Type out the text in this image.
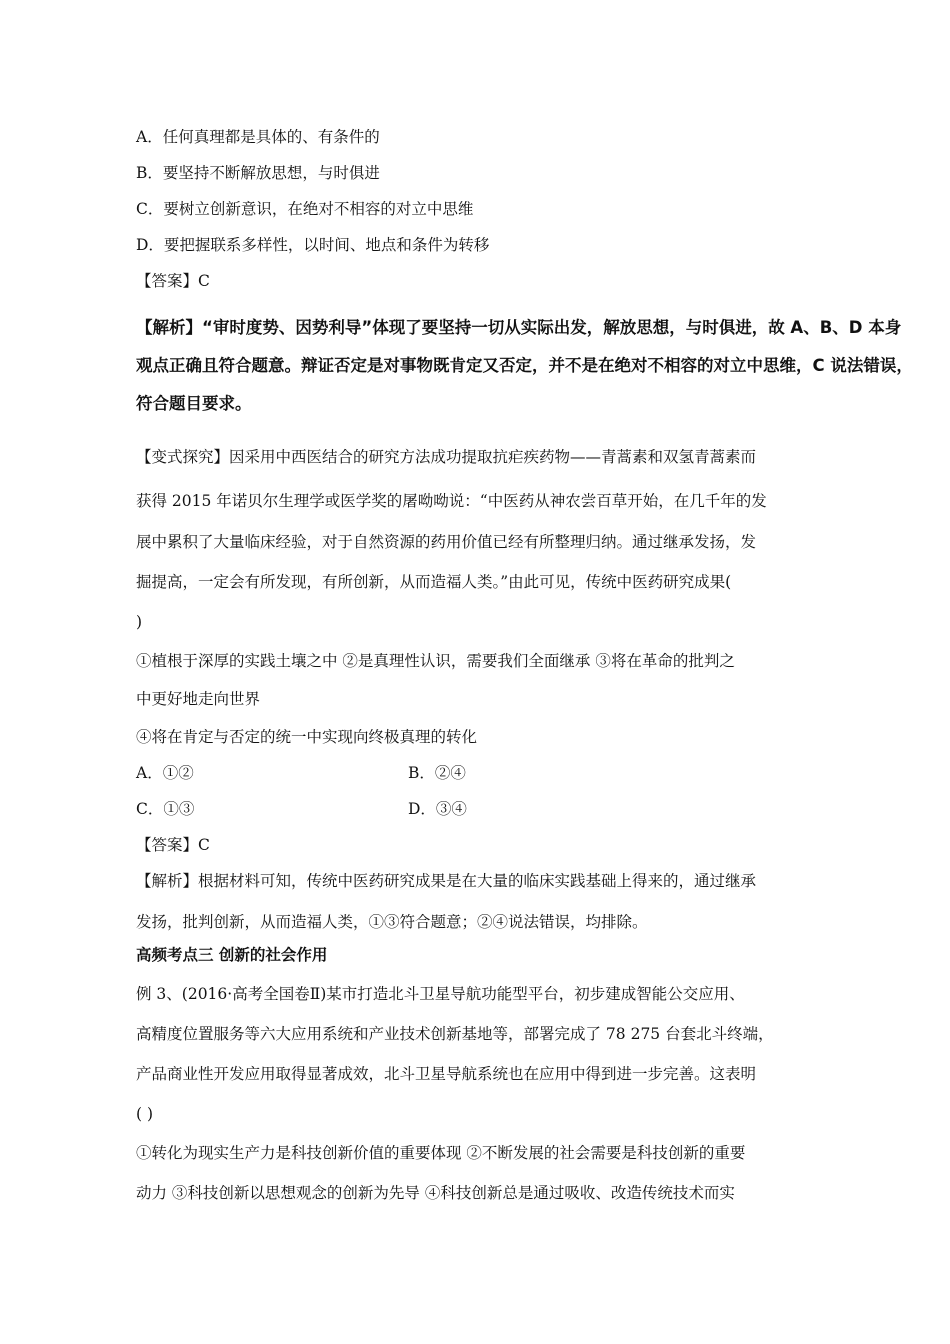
A．任何真理都是具体的、有条件的
B．要坚持不断解放思想，与时俱进
C．要树立创新意识，在绝对不相容的对立中思维
D．要把握联系多样性，以时间、地点和条件为转移
【答案】C
【解析】“审时度势、因势利导”体现了要坚持一切从实际出发，解放思想，与时俱进，故 A、B、D 本身
观点正确且符合题意。辩证否定是对事物既肯定又否定，并不是在绝对不相容的对立中思维，C 说法错误，
符合题目要求。
【变式探究】因采用中西医结合的研究方法成功提取抗疟疾药物——青蒿素和双氢青蒿素而
获得 2015 年诺贝尔生理学或医学奖的屠呦呦说：“中医药从神农尝百草开始，在几千年的发
展中累积了大量临床经验，对于自然资源的药用价值已经有所整理归纳。通过继承发扬，发
掘提高，一定会有所发现，有所创新，从而造福人类。”由此可见，传统中医药研究成果(
)
①植根于深厚的实践土壤之中 ②是真理性认识，需要我们全面继承 ③将在革命的批判之
中更好地走向世界
④将在肯定与否定的统一中实现向终极真理的转化
A．①②	B．②④
C．①③	D．③④
【答案】C
【解析】根据材料可知，传统中医药研究成果是在大量的临床实践基础上得来的，通过继承
发扬，批判创新，从而造福人类，①③符合题意；②④说法错误，均排除。
高频考点三 创新的社会作用
例 3、(2016·高考全国卷Ⅱ)某市打造北斗卫星导航功能型平台，初步建成智能公交应用、
高精度位置服务等六大应用系统和产业技术创新基地等，部署完成了 78 275 台套北斗终端，
产品商业性开发应用取得显著成效，北斗卫星导航系统也在应用中得到进一步完善。这表明
( )
①转化为现实生产力是科技创新价值的重要体现 ②不断发展的社会需要是科技创新的重要
动力 ③科技创新以思想观念的创新为先导 ④科技创新总是通过吸收、改造传统技术而实
